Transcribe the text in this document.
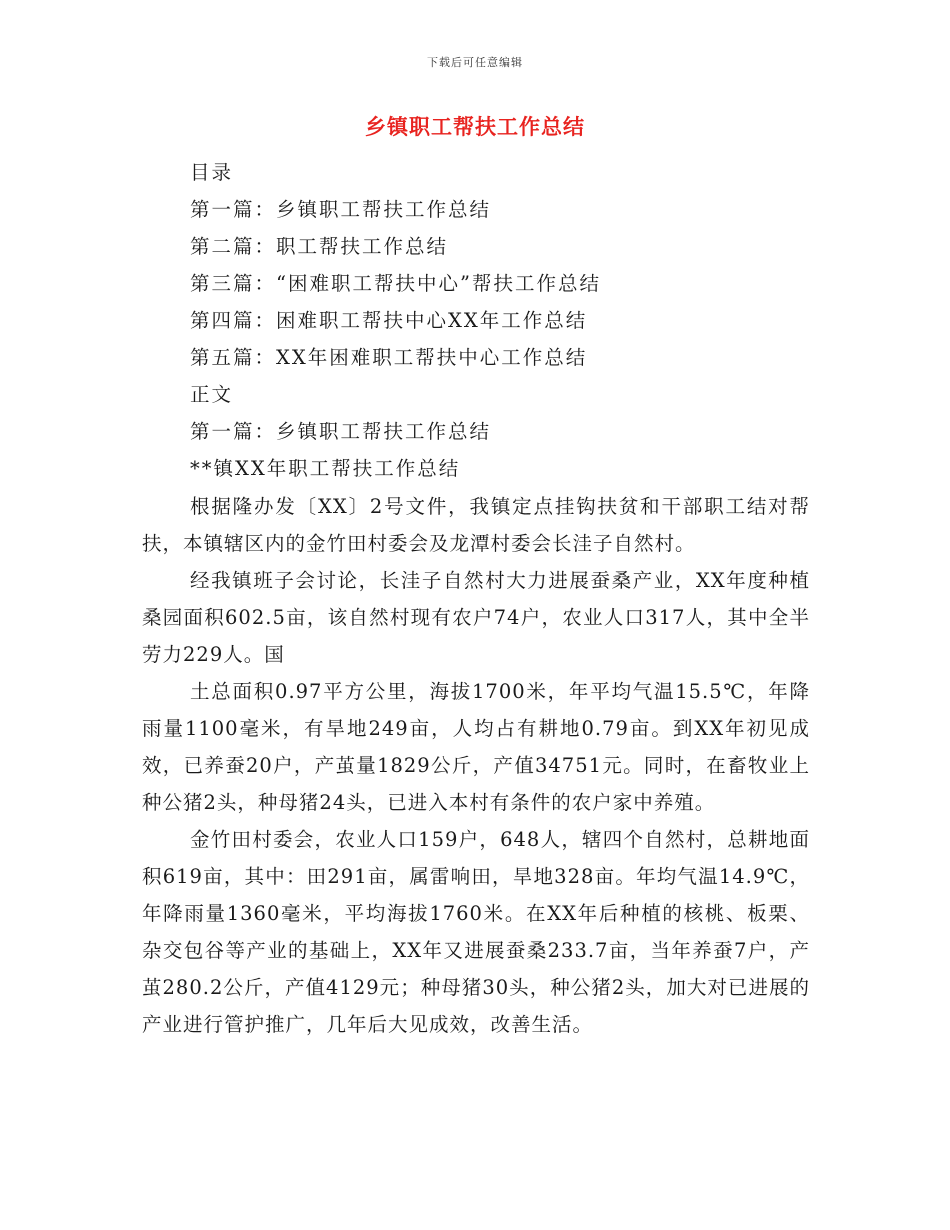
下载后可任意编辑
乡镇职工帮扶工作总结
目录
第一篇：乡镇职工帮扶工作总结
第二篇：职工帮扶工作总结
第三篇：“困难职工帮扶中心”帮扶工作总结
第四篇：困难职工帮扶中心XX年工作总结
第五篇：XX年困难职工帮扶中心工作总结
正文
第一篇：乡镇职工帮扶工作总结
**镇XX年职工帮扶工作总结

根据隆办发〔XX〕2号文件，我镇定点挂钩扶贫和干部职工结对帮扶，本镇辖区内的金竹田村委会及龙潭村委会长洼子自然村。

经我镇班子会讨论，长洼子自然村大力进展蚕桑产业，XX年度种植桑园面积602.5亩，该自然村现有农户74户，农业人口317人，其中全半劳力229人。国

土总面积0.97平方公里，海拔1700米，年平均气温15.5℃，年降雨量1100毫米，有旱地249亩，人均占有耕地0.79亩。到XX年初见成效，已养蚕20户，产茧量1829公斤，产值34751元。同时，在畜牧业上种公猪2头，种母猪24头，已进入本村有条件的农户家中养殖。

金竹田村委会，农业人口159户，648人，辖四个自然村，总耕地面积619亩，其中：田291亩，属雷响田，旱地328亩。年均气温14.9℃，年降雨量1360毫米，平均海拔1760米。在XX年后种植的核桃、板栗、杂交包谷等产业的基础上，XX年又进展蚕桑233.7亩，当年养蚕7户，产茧280.2公斤，产值4129元；种母猪30头，种公猪2头，加大对已进展的产业进行管护推广，几年后大见成效，改善生活。
